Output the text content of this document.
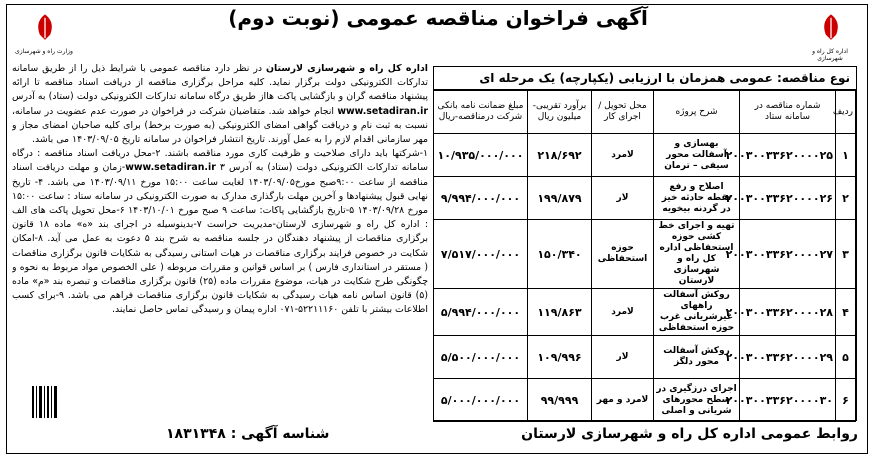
آگهی فراخوان مناقصه عمومی (نوبت دوم)
اداره کل راه و شهرسازی
وزارت راه و شهرسازی
نوع مناقصه: عمومی همزمان با ارزیابی (یکپارچه) یک مرحله ای
ردیف	شماره مناقصه در سامانه ستاد	شرح پروژه	محل تحویل / اجرای کار	برآورد تقریبی-میلیون ریال	مبلغ ضمانت نامه بانکی شرکت درمناقصه-ریال
۱	۲۰۰۳۰۰۳۳۶۲۰۰۰۰۲۵	بهسازی و آسفالت محور سیفی – ترمان	لامرد	۲۱۸/۶۹۲	۱۰/۹۳۵/۰۰۰/۰۰۰
۲	۲۰۰۳۰۰۳۳۶۲۰۰۰۰۲۶	اصلاح و رفع نقطه حادثه خیز در گردنه بیخویه	لار	۱۹۹/۸۷۹	۹/۹۹۴/۰۰۰/۰۰۰
۳	۲۰۰۳۰۰۳۳۶۲۰۰۰۰۲۷	تهیه و اجرای خط کشی حوزه استحفاظی اداره کل راه و شهرسازی لارستان	حوزه استحفاظی	۱۵۰/۳۴۰	۷/۵۱۷/۰۰۰/۰۰۰
۴	۲۰۰۳۰۰۳۳۶۲۰۰۰۰۲۸	روکش آسفالت راههای غیرشریانی غرب حوزه استحفاظی	لامرد	۱۱۹/۸۶۳	۵/۹۹۴/۰۰۰/۰۰۰
۵	۲۰۰۳۰۰۳۳۶۲۰۰۰۰۲۹	روکش آسفالت محور دلگز	لار	۱۰۹/۹۹۶	۵/۵۰۰/۰۰۰/۰۰۰
۶	۲۰۰۳۰۰۳۳۶۲۰۰۰۰۳۰	اجرای درزگیری در سطح محورهای شریانی و اصلی	لامرد و مهر	۹۹/۹۹۹	۵/۰۰۰/۰۰۰/۰۰۰
اداره کل راه و شهرسازی لارستان در نظر دارد مناقصه عمومی با شرایط ذیل را از طریق سامانه تدارکات الکترونیکی دولت برگزار نماید. کلیه مراحل برگزاری مناقصه از دریافت اسناد مناقصه تا ارائه پیشنهاد مناقصه گران و بازگشایی پاکت هااز طریق درگاه سامانه تدارکات الکترونیکی دولت (ستاد) به آدرس www.setadiran.ir انجام خواهد شد. متقاضیان شرکت در فراخوان در صورت عدم عضویت در سامانه، نسبت به ثبت نام و دریافت گواهی امضای الکترونیکی (به صورت برخط) برای کلیه صاحبان امضای مجاز و مهر سازمانی اقدام لازم را به عمل آورند. تاریخ انتشار فراخوان در سامانه تاریخ ۱۴۰۳/۰۹/۰۵ می باشد.
۱-شرکتها باید دارای صلاحیت و ظرفیت کاری مورد مناقصه باشند. ۲-محل دریافت اسناد مناقصه : درگاه سامانه تدارکات الکترونیکی دولت (ستاد) به آدرس www.setadiran.ir ۳-زمان و مهلت دریافت اسناد مناقصه از ساعت ۹:۰۰صبح مورخ۱۴۰۳/۰۹/۰۵ لغایت ساعت ۱۵:۰۰ مورخ ۱۴۰۳/۰۹/۱۱ می باشد. ۴- تاریخ نهایی قبول پیشنهادها و آخرین مهلت بارگذاری مدارک به صورت الکترونیکی در سامانه ستاد : ساعت ۱۵:۰۰ مورخ ۱۴۰۳/۰۹/۲۸ ۵-تاریخ بازگشایی پاکات: ساعت ۹ صبح مورخ ۱۴۰۳/۱۰/۰۱ ۶-محل تحویل پاکت های الف : اداره کل راه و شهرسازی لارستان-مدیریت حراست ۷-بدینوسیله در اجرای بند «ه» ماده ۱۸ قانون برگزاری مناقصات از پیشنهاد دهندگان در جلسه مناقصه به شرح بند ۵ دعوت به عمل می آید. ۸-امکان شکایت در خصوص فرایند برگزاری مناقصات در هیات استانی رسیدگی به شکایات قانون برگزاری مناقصات ( مستقر در استانداری فارس ) بر اساس قوانین و مقررات مربوطه ( علی الخصوص مواد مربوط به نحوه و چگونگی طرح شکایت در هیات، موضوع مقررات ماده (۲۵) قانون برگزاری مناقصات و تبصره بند «م» ماده (۵) قانون اساس نامه هیات رسیدگی به شکایات قانون برگزاری مناقصات فراهم می باشد. ۹-برای کسب اطلاعات بیشتر با تلفن ۵۲۲۱۱۱۶۰-۰۷۱ اداره پیمان و رسیدگی تماس حاصل نمایند.
روابط عمومی اداره کل راه و شهرسازی لارستان
شناسه آگهی : ۱۸۳۱۳۴۸
